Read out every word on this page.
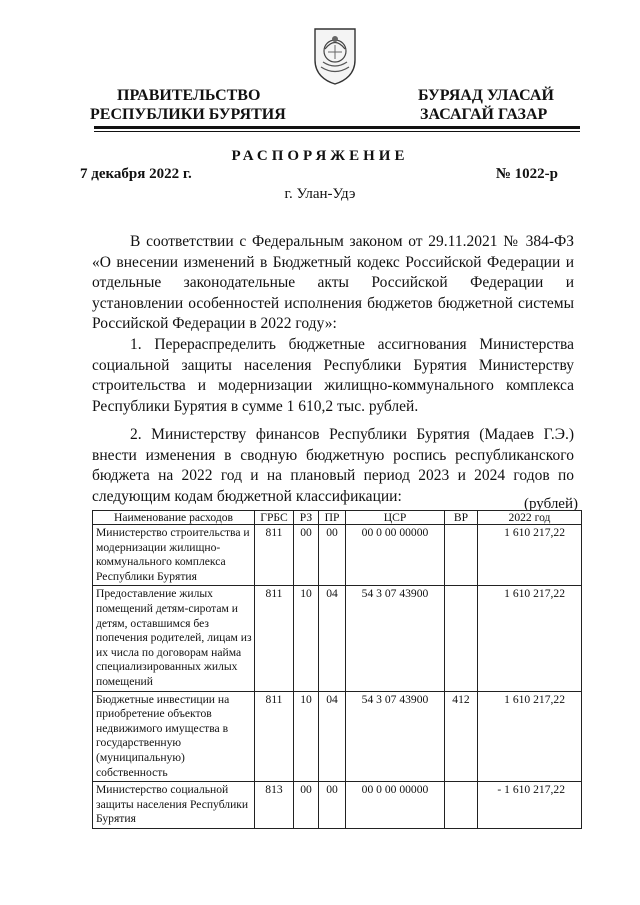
ПРАВИТЕЛЬСТВО
РЕСПУБЛИКИ БУРЯТИЯ
БУРЯАД УЛАСАЙ
ЗАСАГАЙ ГАЗАР
РАСПОРЯЖЕНИЕ
7 декабря 2022 г.	№ 1022-р
г. Улан-Удэ

В соответствии с Федеральным законом от 29.11.2021 № 384-ФЗ «О внесении изменений в Бюджетный кодекс Российской Федерации и отдельные законодательные акты Российской Федерации и установлении особенностей исполнения бюджетов бюджетной системы Российской Федерации в 2022 году»:

1. Перераспределить бюджетные ассигнования Министерства социальной защиты населения Республики Бурятия Министерству строительства и модернизации жилищно-коммунального комплекса Республики Бурятия в сумме 1 610,2 тыс. рублей.

2. Министерству финансов Республики Бурятия (Мадаев Г.Э.) внести изменения в сводную бюджетную роспись республиканского бюджета на 2022 год и на плановый период 2023 и 2024 годов по следующим кодам бюджетной классификации:	(рублей)
Наименование расходов	ГРБС	РЗ	ПР	ЦСР	ВР	2022 год
Министерство строительства и модернизации жилищно-коммунального комплекса Республики Бурятия	811	00	00	00 0 00 00000		1 610 217,22
Предоставление жилых помещений детям-сиротам и детям, оставшимся без попечения родителей, лицам из их числа по договорам найма специализированных жилых помещений	811	10	04	54 3 07 43900		1 610 217,22
Бюджетные инвестиции на приобретение объектов недвижимого имущества в государственную (муниципальную) собственность	811	10	04	54 3 07 43900	412	1 610 217,22
Министерство социальной защиты населения Республики Бурятия	813	00	00	00 0 00 00000		- 1 610 217,22
